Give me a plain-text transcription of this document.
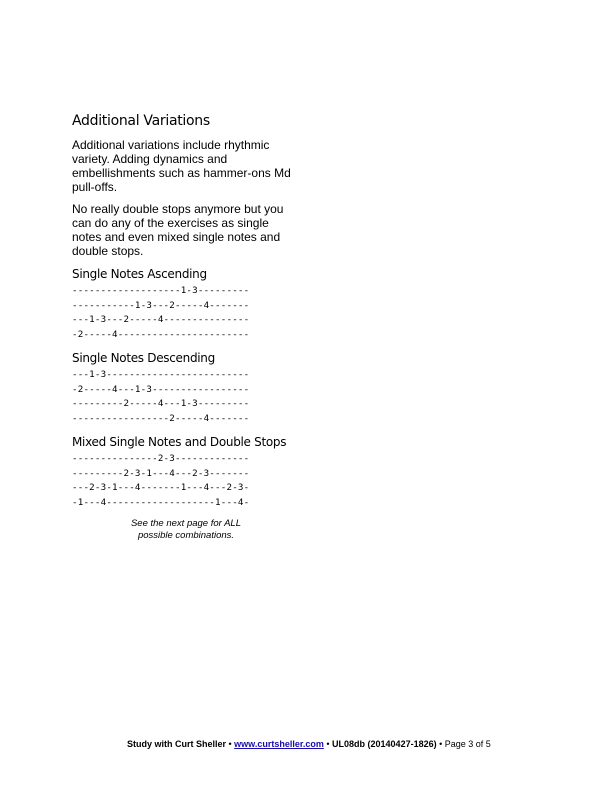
Additional Variations

Additional variations include rhythmic variety. Adding dynamics and embellishments such as hammer-ons Md pull-offs.

No really double stops anymore but you can do any of the exercises as single notes and even mixed single notes and double stops.

Single Notes Ascending
-------------------1-3---------
-----------1-3---2-----4-------
---1-3---2-----4---------------
-2-----4-----------------------
Single Notes Descending
---1-3-------------------------
-2-----4---1-3-----------------
---------2-----4---1-3---------
-----------------2-----4-------
Mixed Single Notes and Double Stops
---------------2-3-------------
---------2-3-1---4---2-3-------
---2-3-1---4-------1---4---2-3-
-1---4-------------------1---4-
See the next page for ALL
possible combinations.
Study with Curt Sheller • www.curtsheller.com • UL08db (20140427-1826) • Page 3 of 5
